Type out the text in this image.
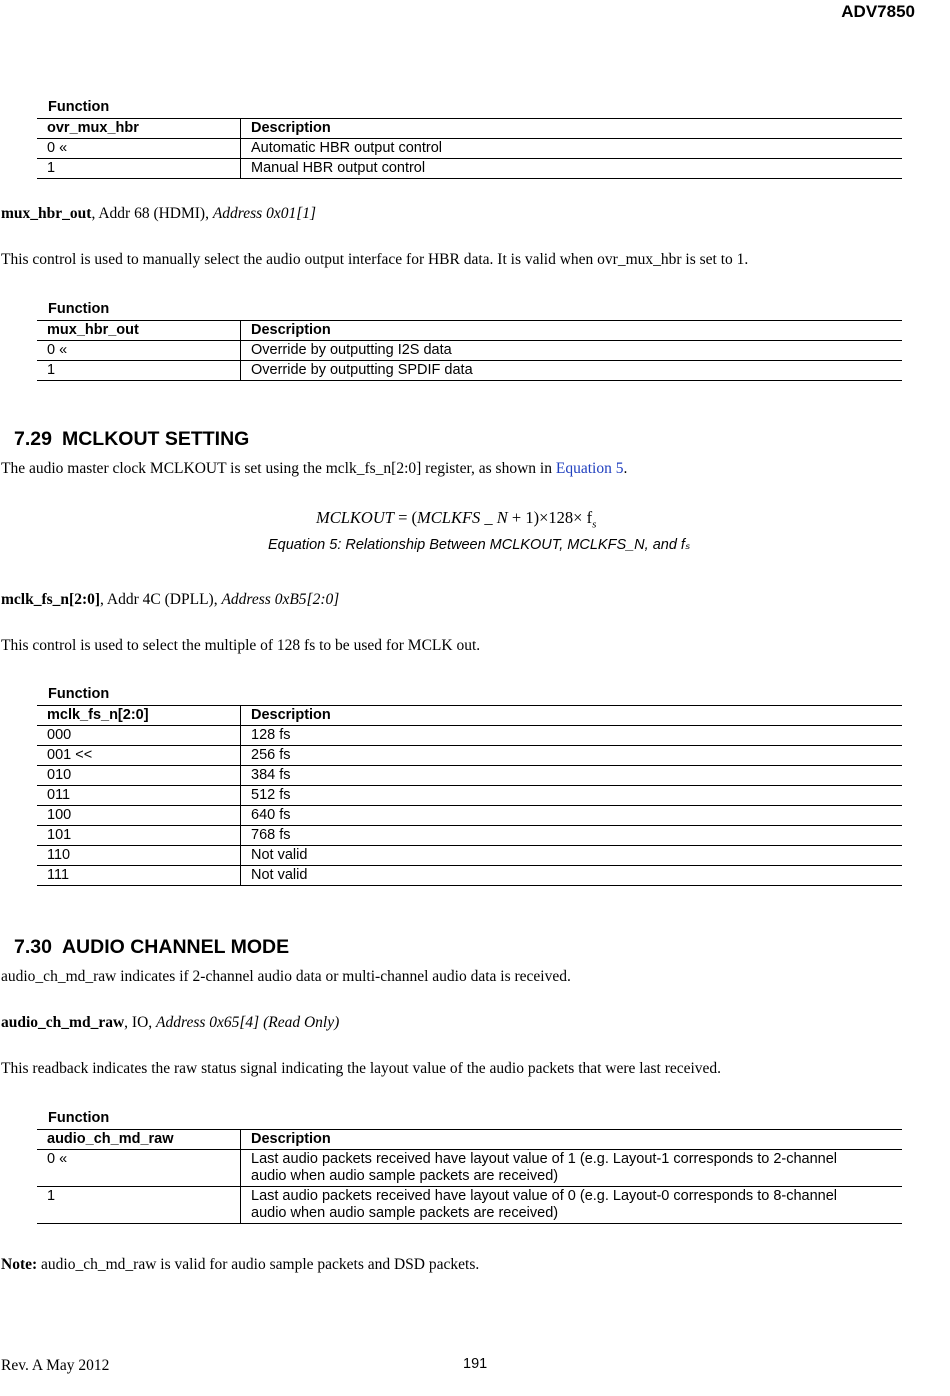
ADV7850
Function
ovr_mux_hbr	Description
0 «	Automatic HBR output control
1	Manual HBR output control
mux_hbr_out, Addr 68 (HDMI), Address 0x01[1]
This control is used to manually select the audio output interface for HBR data. It is valid when ovr_mux_hbr is set to 1.
Function
mux_hbr_out	Description
0 «	Override by outputting I2S data
1	Override by outputting SPDIF data
7.29 MCLKOUT SETTING
The audio master clock MCLKOUT is set using the mclk_fs_n[2:0] register, as shown in Equation 5.
MCLKOUT = (MCLKFS _ $N + 1)\times 128\times f_s$
Equation 5: Relationship Between MCLKOUT, MCLKFS_N, and fₛ
mclk_fs_n[2:0], Addr 4C (DPLL), Address 0xB5[2:0]
This control is used to select the multiple of 128 fs to be used for MCLK out.
Function
mclk_fs_n[2:0]	Description
000	128 fs
001 <<	256 fs
010	384 fs
011	512 fs
100	640 fs
101	768 fs
110	Not valid
111	Not valid
7.30 AUDIO CHANNEL MODE
audio_ch_md_raw indicates if 2-channel audio data or multi-channel audio data is received.
audio_ch_md_raw, IO, Address 0x65[4] (Read Only)
This readback indicates the raw status signal indicating the layout value of the audio packets that were last received.
Function
audio_ch_md_raw	Description
0 «	Last audio packets received have layout value of 1 (e.g. Layout-1 corresponds to 2-channel audio when audio sample packets are received)
1	Last audio packets received have layout value of 0 (e.g. Layout-0 corresponds to 8-channel audio when audio sample packets are received)
Note: audio_ch_md_raw is valid for audio sample packets and DSD packets.
Rev. A May 2012	191
